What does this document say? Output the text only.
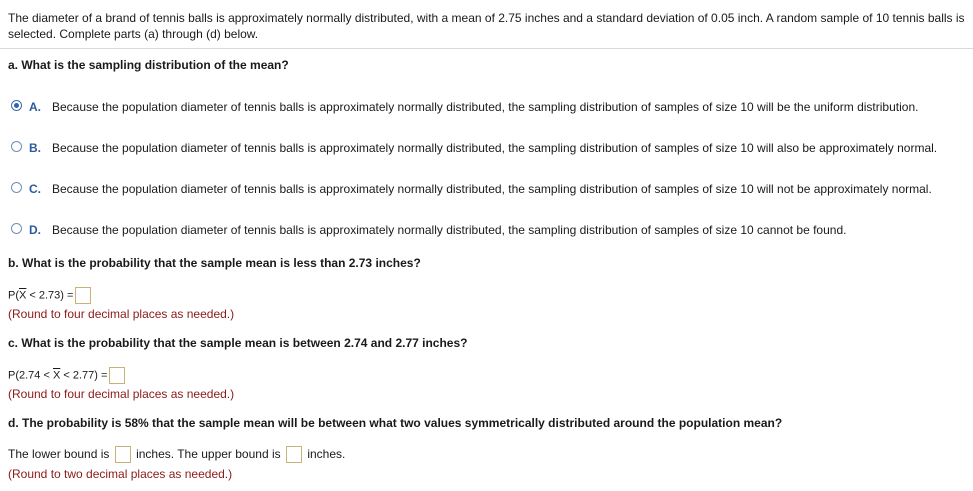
The diameter of a brand of tennis balls is approximately normally distributed, with a mean of 2.75 inches and a standard deviation of 0.05 inch. A random sample of 10 tennis balls is selected. Complete parts (a) through (d) below.
a. What is the sampling distribution of the mean?
A. Because the population diameter of tennis balls is approximately normally distributed, the sampling distribution of samples of size 10 will be the uniform distribution.
B. Because the population diameter of tennis balls is approximately normally distributed, the sampling distribution of samples of size 10 will also be approximately normal.
C. Because the population diameter of tennis balls is approximately normally distributed, the sampling distribution of samples of size 10 will not be approximately normal.
D. Because the population diameter of tennis balls is approximately normally distributed, the sampling distribution of samples of size 10 cannot be found.
b. What is the probability that the sample mean is less than 2.73 inches?
$P(\overline{X} < 2.73)$ =
(Round to four decimal places as needed.)
c. What is the probability that the sample mean is between 2.74 and 2.77 inches?
$P(2.74 < \overline{X} < 2.77)$ =
(Round to four decimal places as needed.)
d. The probability is 58% that the sample mean will be between what two values symmetrically distributed around the population mean?
The lower bound is inches. The upper bound is inches.
(Round to two decimal places as needed.)
